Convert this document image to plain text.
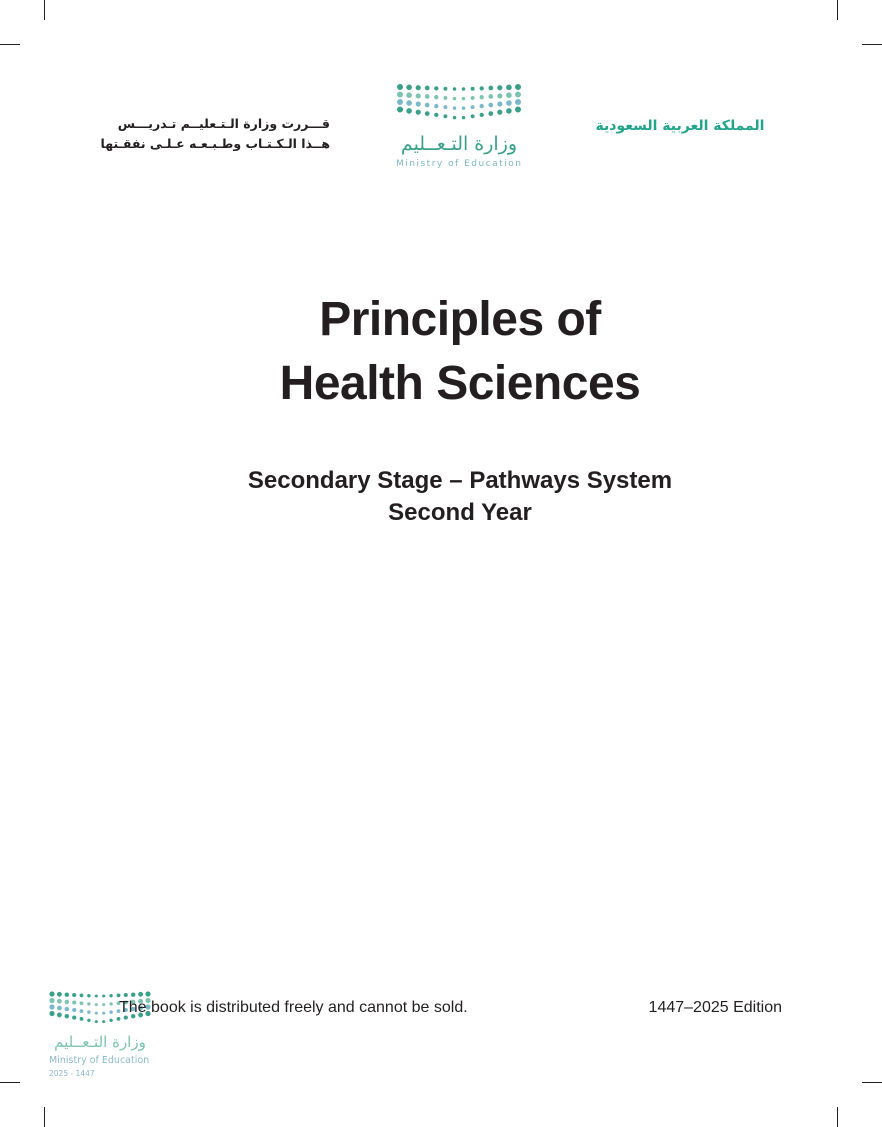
قـــررت وزارة الـتـعليــم تـدريـــس
هــذا الـكـتـاب وطـبـعـه عـلـى نفقـتها	وزارة التـعــليم
Ministry of Education
المملكة العربية السعودية
Principles of
Health Sciences
Secondary Stage – Pathways System
Second Year
وزارة التـعــليم
Ministry of Education
2025 - 1447
The book is distributed freely and cannot be sold.	1447–2025 Edition
